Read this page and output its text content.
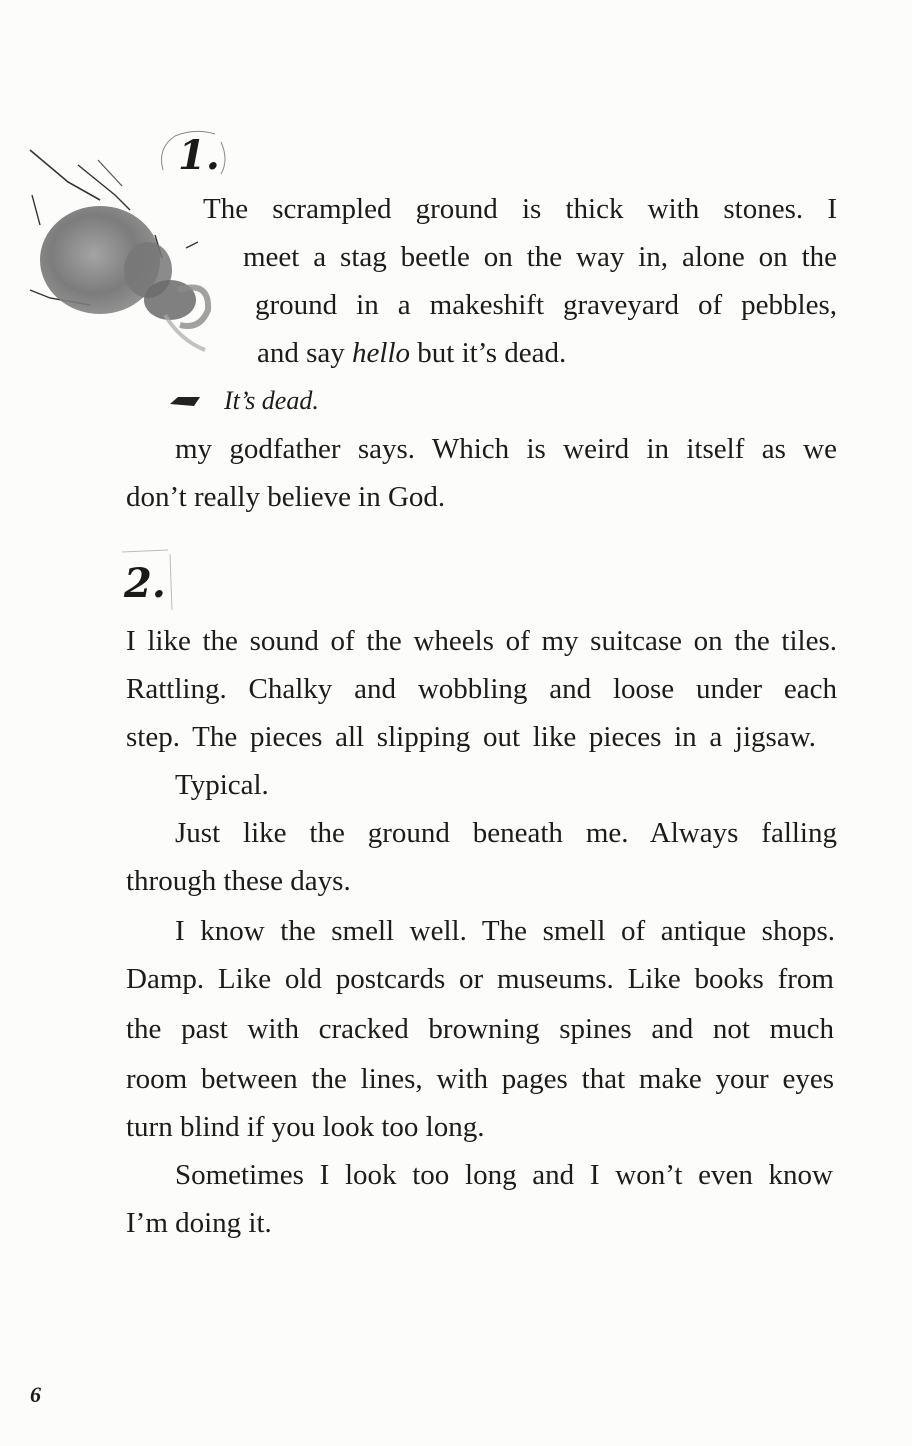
1.
The scrampled ground is thick with stones. I
meet a stag beetle on the way in, alone on the
ground in a makeshift graveyard of pebbles,
and say hello but it’s dead.
It’s dead.
my godfather says. Which is weird in itself as we
don’t really believe in God.
2.
I like the sound of the wheels of my suitcase on the tiles.
Rattling. Chalky and wobbling and loose under each
step. The pieces all slipping out like pieces in a jigsaw.
Typical.
Just like the ground beneath me. Always falling
through these days.
I know the smell well. The smell of antique shops.
Damp. Like old postcards or museums. Like books from
the past with cracked browning spines and not much
room between the lines, with pages that make your eyes
turn blind if you look too long.
Sometimes I look too long and I won’t even know
I’m doing it.
6
